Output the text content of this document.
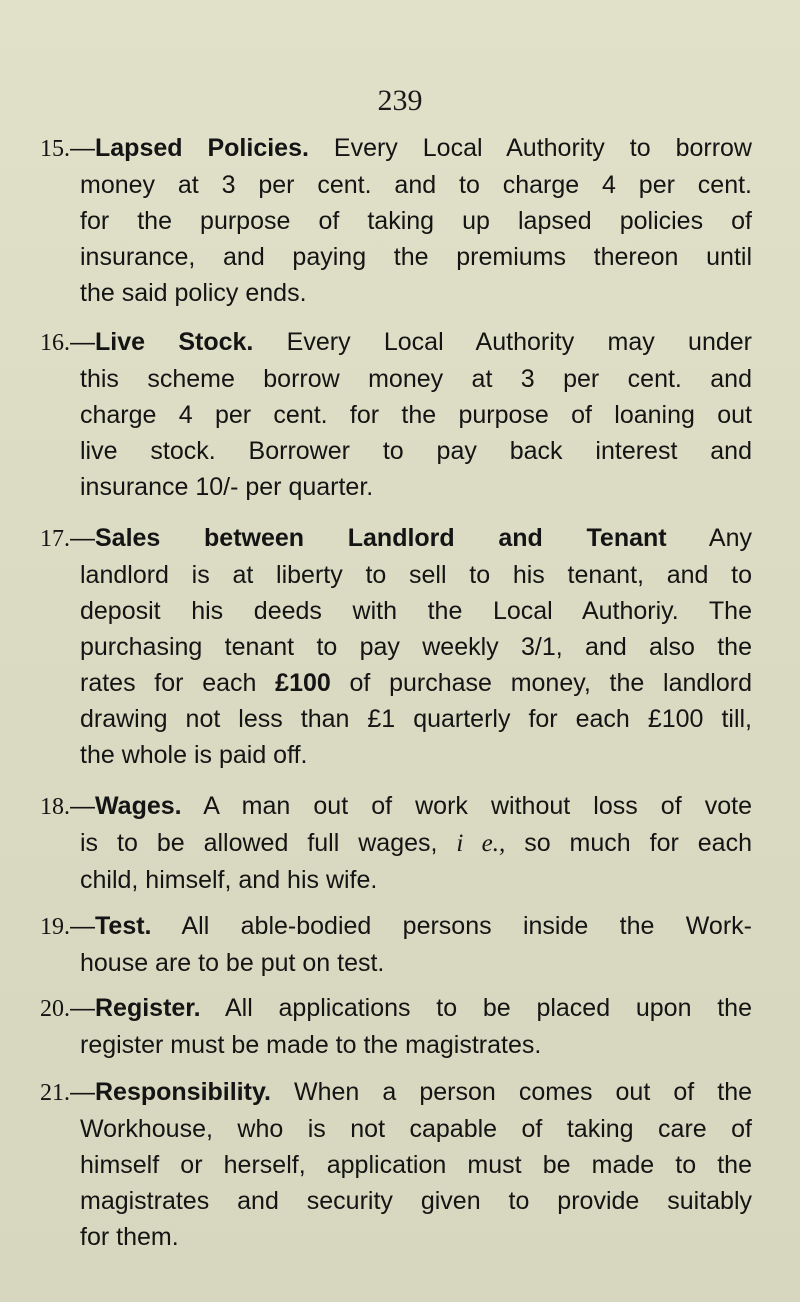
239
15.—Lapsed Policies. Every Local Authority to borrow
money at 3 per cent. and to charge 4 per cent.
for the purpose of taking up lapsed policies of
insurance, and paying the premiums thereon until
the said policy ends.
16.—Live Stock. Every Local Authority may under
this scheme borrow money at 3 per cent. and
charge 4 per cent. for the purpose of loaning out
live stock. Borrower to pay back interest and
insurance 10/- per quarter.
17.—Sales between Landlord and Tenant Any
landlord is at liberty to sell to his tenant, and to
deposit his deeds with the Local Authoriy. The
purchasing tenant to pay weekly 3/1, and also the
rates for each £100 of purchase money, the landlord
drawing not less than £1 quarterly for each £100 till,
the whole is paid off.
18.—Wages. A man out of work without loss of vote
is to be allowed full wages, i e., so much for each
child, himself, and his wife.
19.—Test. All able-bodied persons inside the Work-
house are to be put on test.
20.—Register. All applications to be placed upon the
register must be made to the magistrates.
21.—Responsibility. When a person comes out of the
Workhouse, who is not capable of taking care of
himself or herself, application must be made to the
magistrates and security given to provide suitably
for them.
